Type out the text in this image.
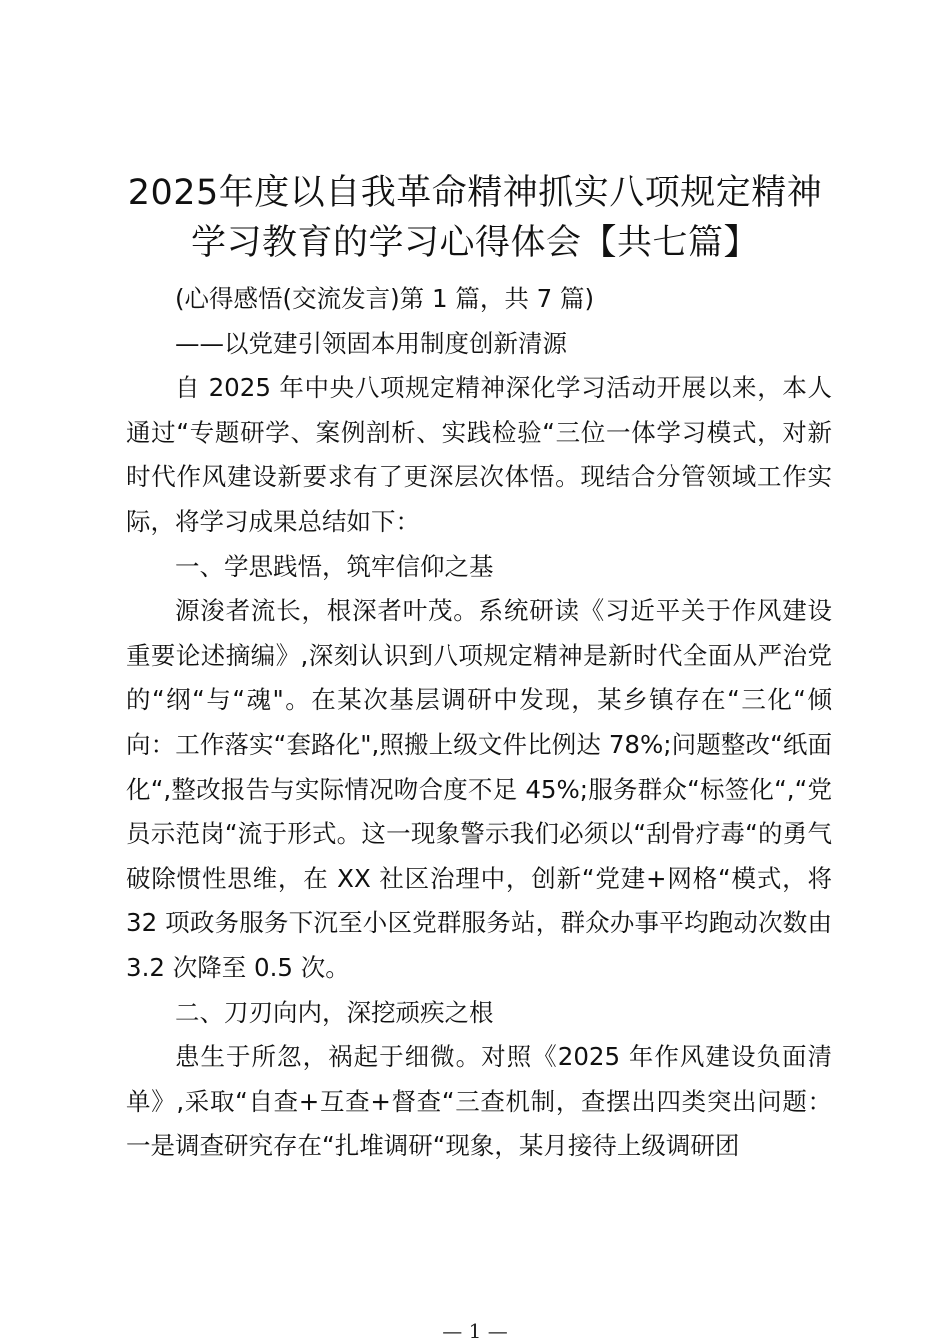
2025年度以自我革命精神抓实八项规定精神
学习教育的学习心得体会【共七篇】

(心得感悟(交流发言)第 1 篇，共 7 篇)

——以党建引领固本用制度创新清源

自 2025 年中央八项规定精神深化学习活动开展以来，本人通过“专题研学、案例剖析、实践检验“三位一体学习模式，对新时代作风建设新要求有了更深层次体悟。现结合分管领域工作实际，将学习成果总结如下：

一、学思践悟，筑牢信仰之基

源浚者流长，根深者叶茂。系统研读《习近平关于作风建设重要论述摘编》,深刻认识到八项规定精神是新时代全面从严治党的“纲“与“魂"。在某次基层调研中发现，某乡镇存在“三化“倾向：工作落实“套路化",照搬上级文件比例达 78%;问题整改“纸面化“,整改报告与实际情况吻合度不足 45%;服务群众“标签化“,“党员示范岗“流于形式。这一现象警示我们必须以“刮骨疗毒“的勇气破除惯性思维，在 XX 社区治理中，创新“党建+网格“模式，将 32 项政务服务下沉至小区党群服务站，群众办事平均跑动次数由 3.2 次降至 0.5 次。

二、刀刃向内，深挖顽疾之根

患生于所忽，祸起于细微。对照《2025 年作风建设负面清单》,采取“自查+互查+督查“三查机制，查摆出四类突出问题：一是调查研究存在“扎堆调研“现象，某月接待上级调研团

— 1 —
